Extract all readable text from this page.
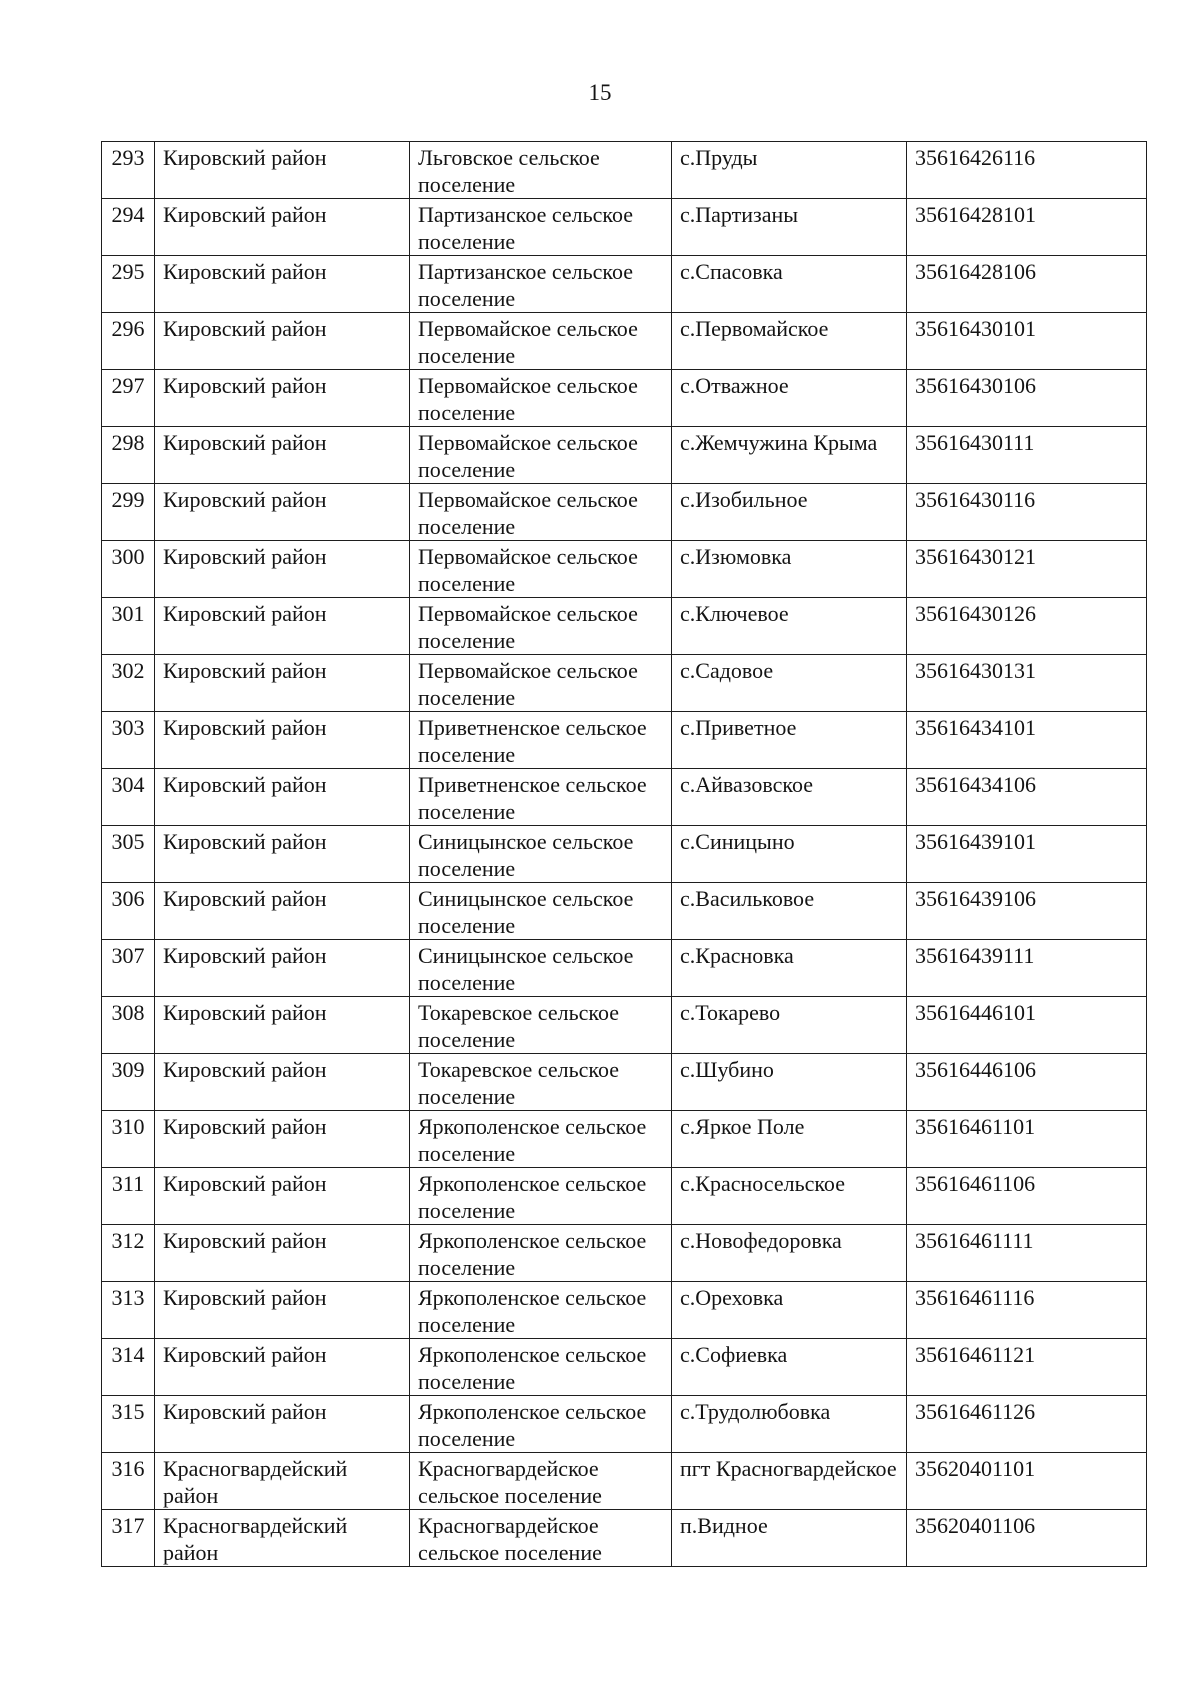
15
293	Кировский район	Льговское сельское поселение	с.Пруды	35616426116
294	Кировский район	Партизанское сельское поселение	с.Партизаны	35616428101
295	Кировский район	Партизанское сельское поселение	с.Спасовка	35616428106
296	Кировский район	Первомайское сельское поселение	с.Первомайское	35616430101
297	Кировский район	Первомайское сельское поселение	с.Отважное	35616430106
298	Кировский район	Первомайское сельское поселение	с.Жемчужина Крыма	35616430111
299	Кировский район	Первомайское сельское поселение	с.Изобильное	35616430116
300	Кировский район	Первомайское сельское поселение	с.Изюмовка	35616430121
301	Кировский район	Первомайское сельское поселение	с.Ключевое	35616430126
302	Кировский район	Первомайское сельское поселение	с.Садовое	35616430131
303	Кировский район	Приветненское сельское поселение	с.Приветное	35616434101
304	Кировский район	Приветненское сельское поселение	с.Айвазовское	35616434106
305	Кировский район	Синицынское сельское поселение	с.Синицыно	35616439101
306	Кировский район	Синицынское сельское поселение	с.Васильковое	35616439106
307	Кировский район	Синицынское сельское поселение	с.Красновка	35616439111
308	Кировский район	Токаревское сельское поселение	с.Токарево	35616446101
309	Кировский район	Токаревское сельское поселение	с.Шубино	35616446106
310	Кировский район	Яркополенское сельское поселение	с.Яркое Поле	35616461101
311	Кировский район	Яркополенское сельское поселение	с.Красносельское	35616461106
312	Кировский район	Яркополенское сельское поселение	с.Новофедоровка	35616461111
313	Кировский район	Яркополенское сельское поселение	с.Ореховка	35616461116
314	Кировский район	Яркополенское сельское поселение	с.Софиевка	35616461121
315	Кировский район	Яркополенское сельское поселение	с.Трудолюбовка	35616461126
316	Красногвардейский район	Красногвардейское сельское поселение	пгт Красногвардейское	35620401101
317	Красногвардейский район	Красногвардейское сельское поселение	п.Видное	35620401106
